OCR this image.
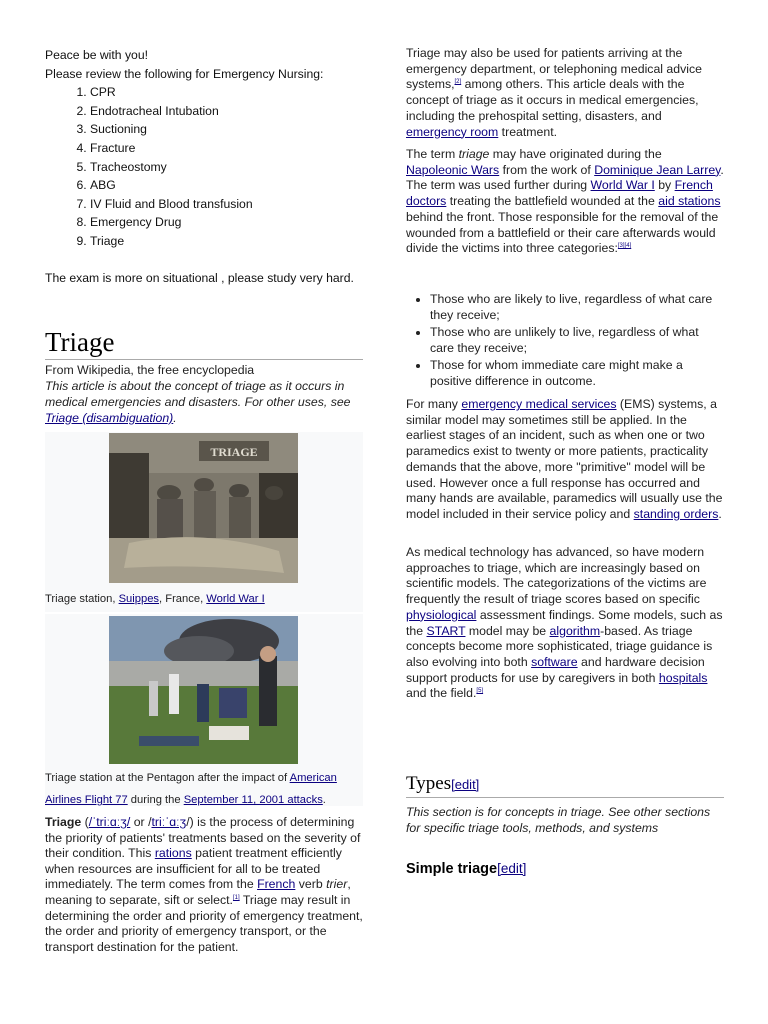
Peace be with you!
Please review the following for Emergency Nursing:
1. CPR
2. Endotracheal Intubation
3. Suctioning
4. Fracture
5. Tracheostomy
6. ABG
7. IV Fluid and Blood transfusion
8. Emergency Drug
9. Triage
The exam is more on situational , please study very hard.
Triage
From Wikipedia, the free encyclopedia
This article is about the concept of triage as it occurs in medical emergencies and disasters. For other uses, see Triage (disambiguation).
TRIAGE
Triage station, Suippes, France, World War I
Triage station at the Pentagon after the impact of American Airlines Flight 77 during the September 11, 2001 attacks.
Triage (/ˈtriːɑːʒ/ or /triːˈɑːʒ/) is the process of determining the priority of patients' treatments based on the severity of their condition. This rations patient treatment efficiently when resources are insufficient for all to be treated immediately. The term comes from the French verb trier, meaning to separate, sift or select.[1] Triage may result in determining the order and priority of emergency treatment, the order and priority of emergency transport, or the transport destination for the patient.

Triage may also be used for patients arriving at the emergency department, or telephoning medical advice systems,[2] among others. This article deals with the concept of triage as it occurs in medical emergencies, including the prehospital setting, disasters, and emergency room treatment.

The term triage may have originated during the Napoleonic Wars from the work of Dominique Jean Larrey. The term was used further during World War I by French doctors treating the battlefield wounded at the aid stations behind the front. Those responsible for the removal of the wounded from a battlefield or their care afterwards would divide the victims into three categories:[3][4]

• Those who are likely to live, regardless of what care they receive;
• Those who are unlikely to live, regardless of what care they receive;
• Those for whom immediate care might make a positive difference in outcome.

For many emergency medical services (EMS) systems, a similar model may sometimes still be applied. In the earliest stages of an incident, such as when one or two paramedics exist to twenty or more patients, practicality demands that the above, more "primitive" model will be used. However once a full response has occurred and many hands are available, paramedics will usually use the model included in their service policy and standing orders.

As medical technology has advanced, so have modern approaches to triage, which are increasingly based on scientific models. The categorizations of the victims are frequently the result of triage scores based on specific physiological assessment findings. Some models, such as the START model may be algorithm-based. As triage concepts become more sophisticated, triage guidance is also evolving into both software and hardware decision support products for use by caregivers in both hospitals and the field.[5]

Types[edit]
This section is for concepts in triage. See other sections for specific triage tools, methods, and systems
Simple triage[edit]
